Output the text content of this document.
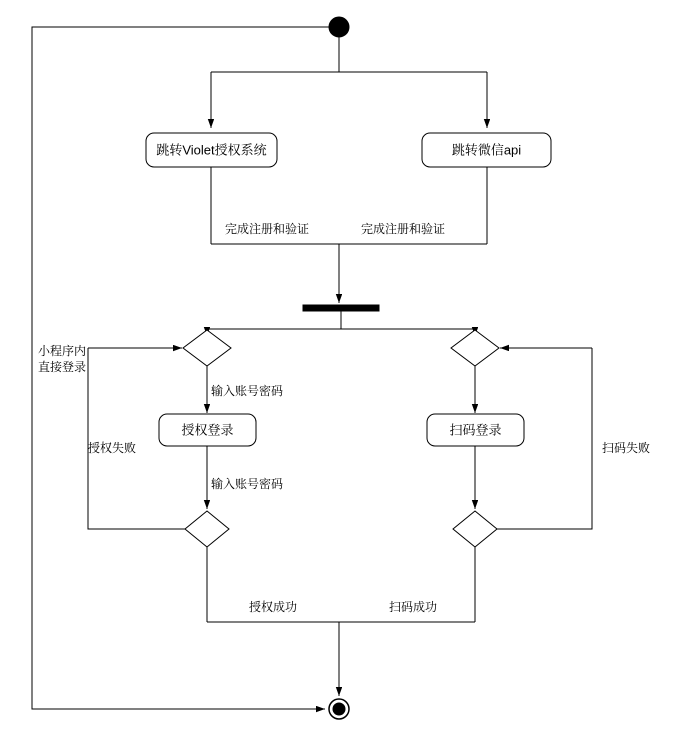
跳转Violet授权系统	跳转微信api
完成注册和验证	完成注册和验证
小程序内
直接登录
输入账号密码
授权登录	扫码登录
输入账号密码
授权失败	扫码失败
授权成功	扫码成功
